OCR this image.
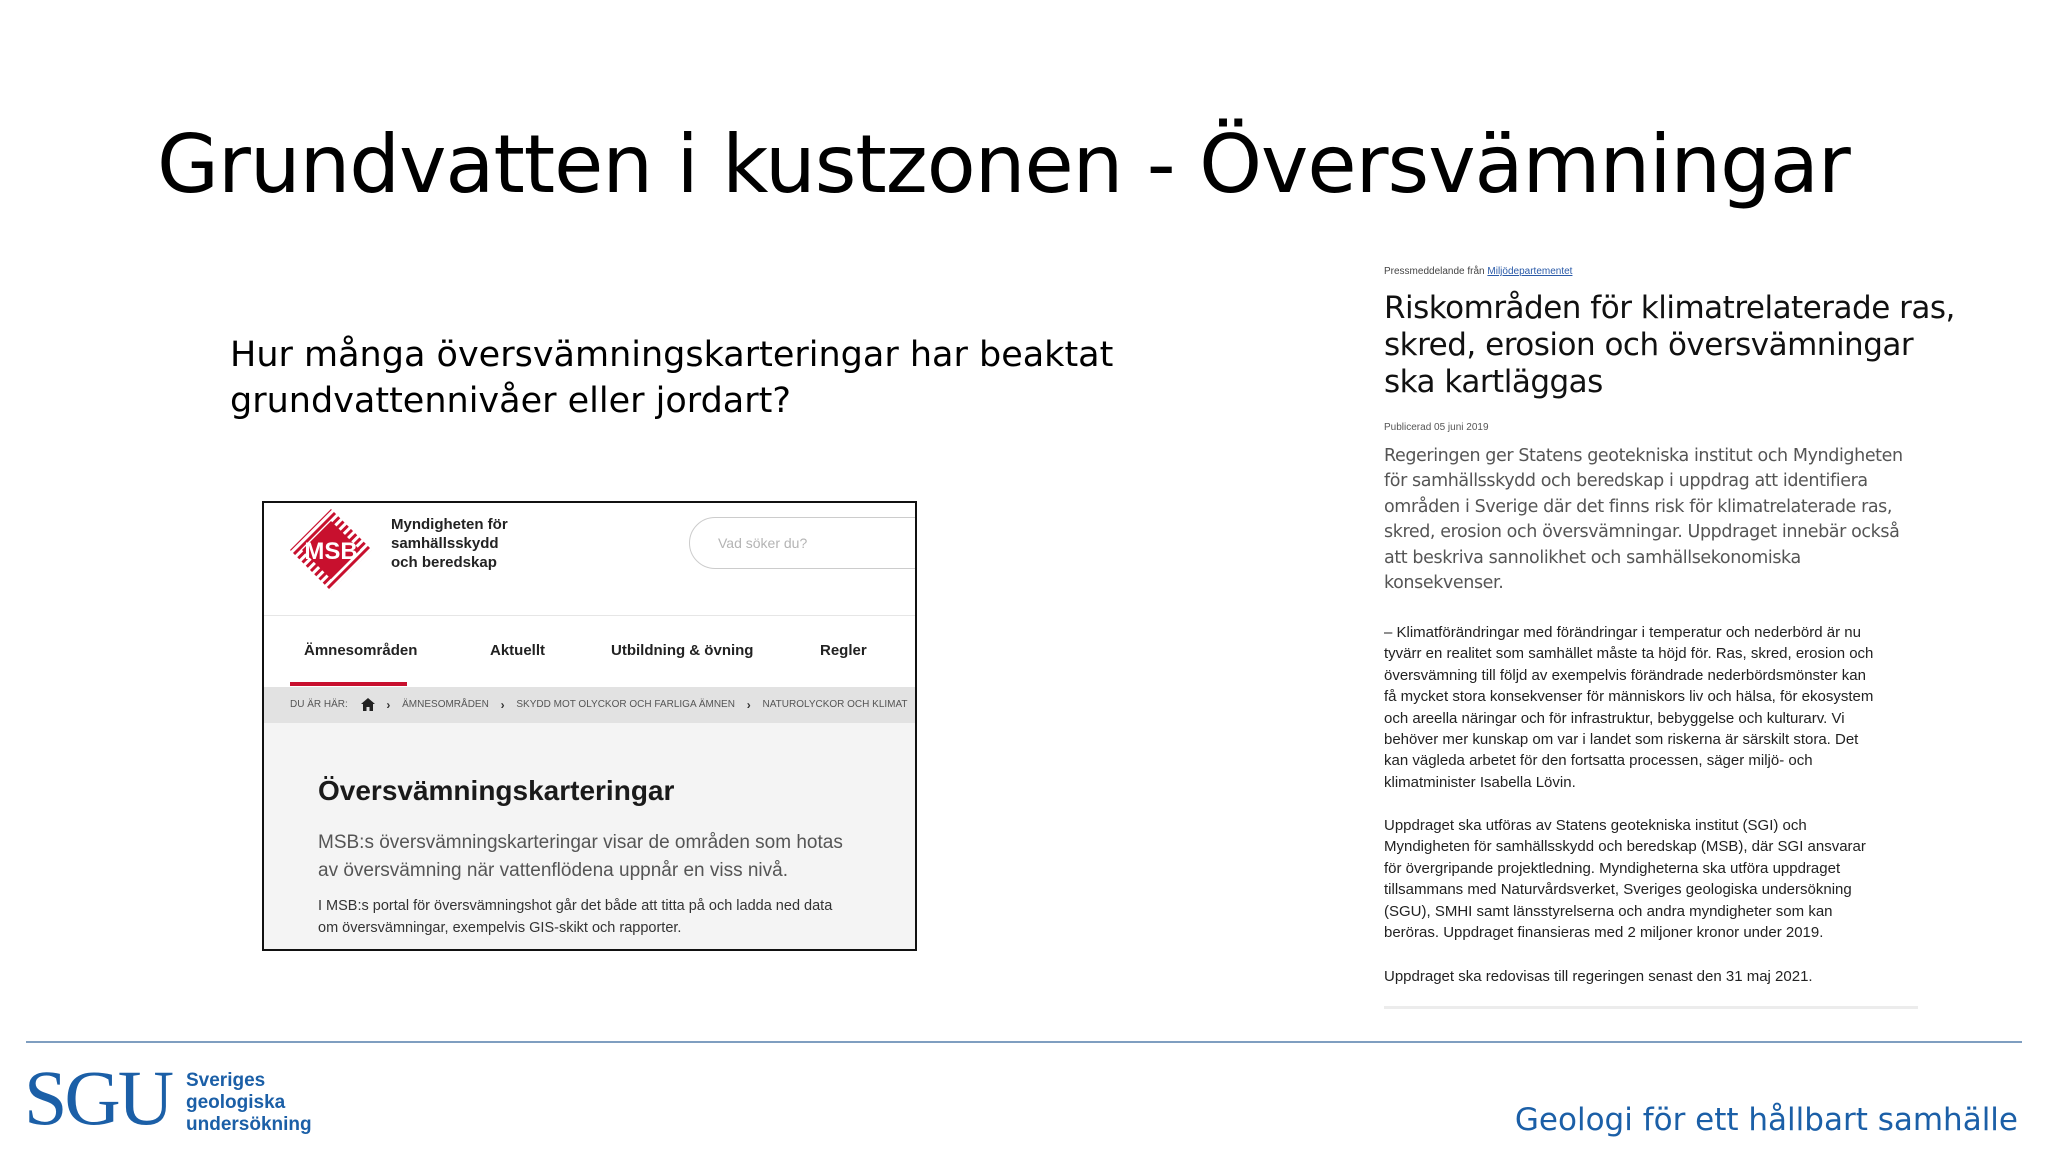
Grundvatten i kustzonen - Översvämningar
Hur många översvämningskarteringar har beaktat
grundvattennivåer eller jordart?
MSB
Myndigheten för
samhällsskydd
och beredskap
Vad söker du?
Ämnesområden	Aktuellt	Utbildning & övning	Regler
DU ÄR HÄR:	› ÄMNESOMRÅDEN › SKYDD MOT OLYCKOR OCH FARLIGA ÄMNEN › NATUROLYCKOR OCH KLIMAT
Översvämningskarteringar
MSB:s översvämningskarteringar visar de områden som hotas
av översvämning när vattenflödena uppnår en viss nivå.
I MSB:s portal för översvämningshot går det både att titta på och ladda ned data
om översvämningar, exempelvis GIS-skikt och rapporter.
Pressmeddelande från Miljödepartementet
Riskområden för klimatrelaterade ras,
skred, erosion och översvämningar
ska kartläggas
Publicerad 05 juni 2019
Regeringen ger Statens geotekniska institut och Myndigheten
för samhällsskydd och beredskap i uppdrag att identifiera
områden i Sverige där det finns risk för klimatrelaterade ras,
skred, erosion och översvämningar. Uppdraget innebär också
att beskriva sannolikhet och samhällsekonomiska
konsekvenser.
– Klimatförändringar med förändringar i temperatur och nederbörd är nu
tyvärr en realitet som samhället måste ta höjd för. Ras, skred, erosion och
översvämning till följd av exempelvis förändrade nederbördsmönster kan
få mycket stora konsekvenser för människors liv och hälsa, för ekosystem
och areella näringar och för infrastruktur, bebyggelse och kulturarv. Vi
behöver mer kunskap om var i landet som riskerna är särskilt stora. Det
kan vägleda arbetet för den fortsatta processen, säger miljö- och
klimatminister Isabella Lövin.
Uppdraget ska utföras av Statens geotekniska institut (SGI) och
Myndigheten för samhällsskydd och beredskap (MSB), där SGI ansvarar
för övergripande projektledning. Myndigheterna ska utföra uppdraget
tillsammans med Naturvårdsverket, Sveriges geologiska undersökning
(SGU), SMHI samt länsstyrelserna och andra myndigheter som kan
beröras. Uppdraget finansieras med 2 miljoner kronor under 2019.
Uppdraget ska redovisas till regeringen senast den 31 maj 2021.
SGU Sveriges
geologiska
undersökning	Geologi för ett hållbart samhälle
